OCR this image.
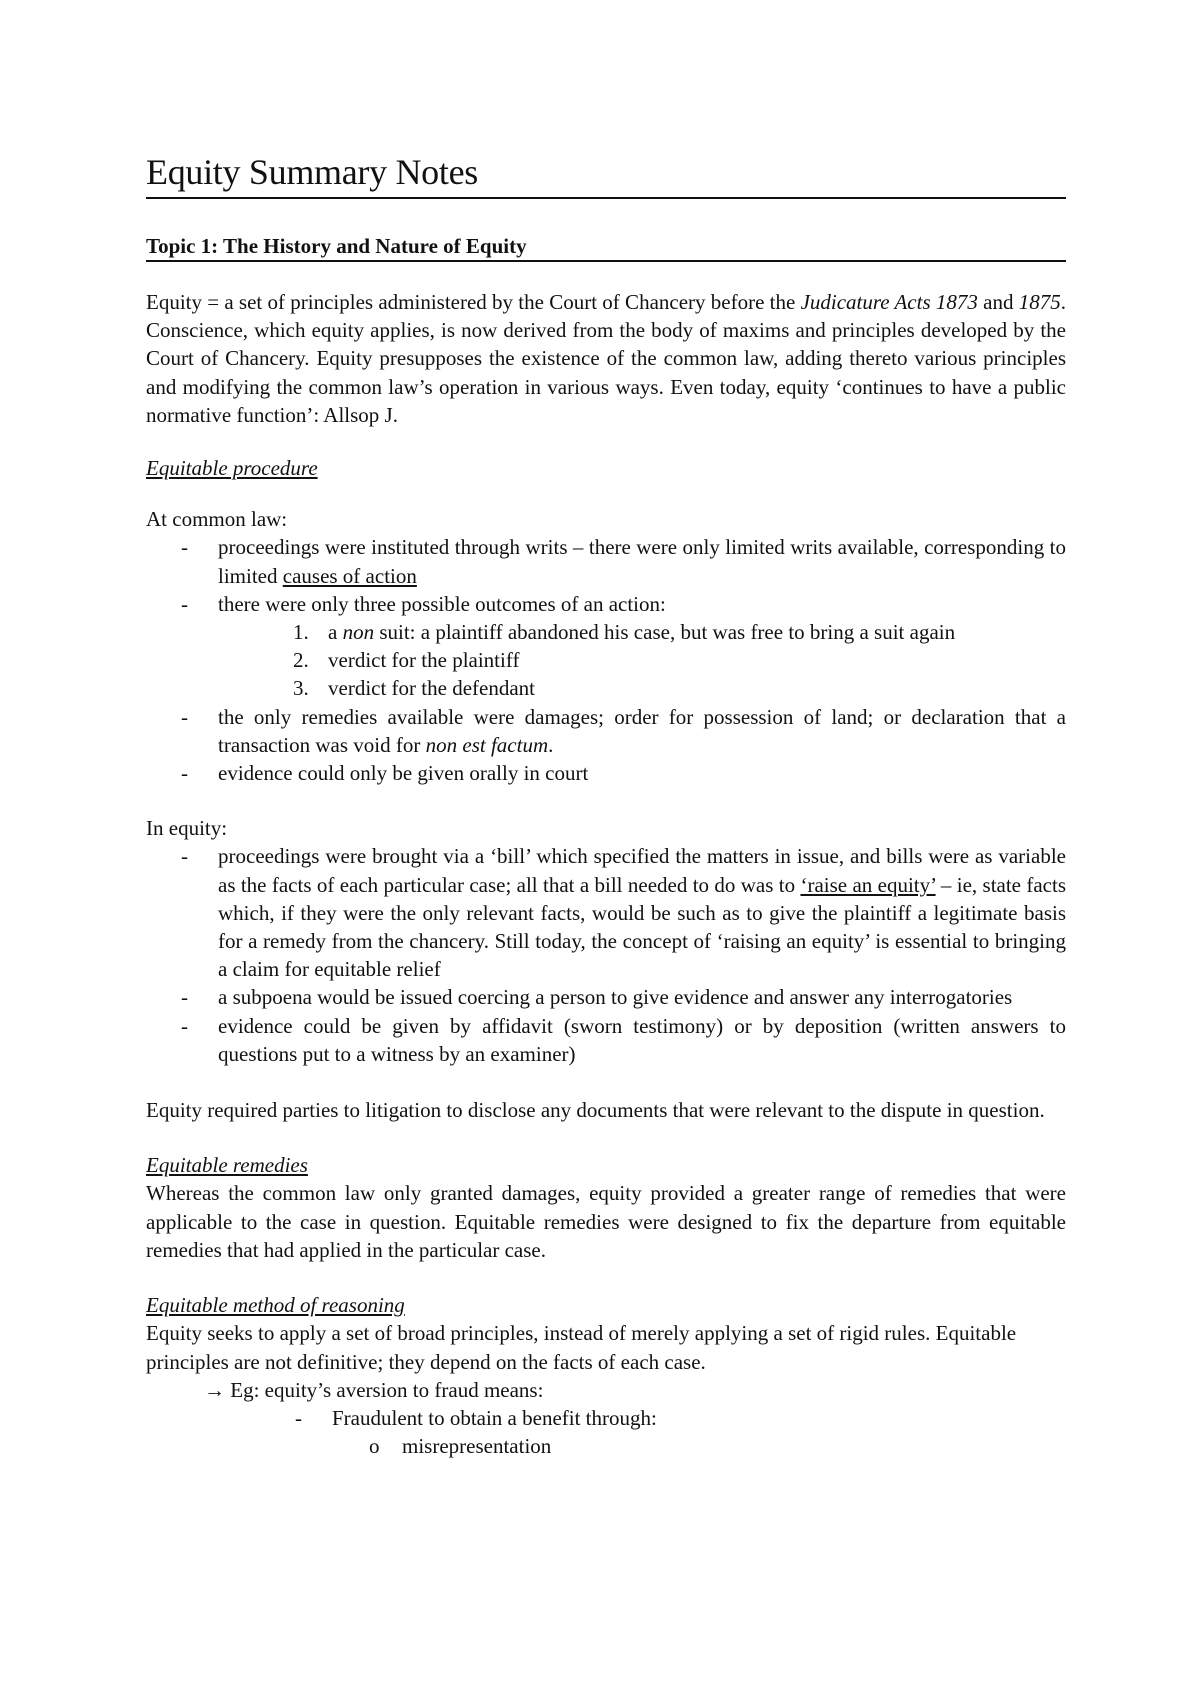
Equity Summary Notes
Topic 1: The History and Nature of Equity

Equity = a set of principles administered by the Court of Chancery before the Judicature Acts 1873 and 1875. Conscience, which equity applies, is now derived from the body of maxims and principles developed by the Court of Chancery. Equity presupposes the existence of the common law, adding thereto various principles and modifying the common law’s operation in various ways. Even today, equity ‘continues to have a public normative function’: Allsop J.

Equitable procedure

At common law:

- proceedings were instituted through writs – there were only limited writs available, corresponding to limited causes of action
- there were only three possible outcomes of an action:
1. a non suit: a plaintiff abandoned his case, but was free to bring a suit again
2. verdict for the plaintiff
3. verdict for the defendant
- the only remedies available were damages; order for possession of land; or declaration that a transaction was void for non est factum.
- evidence could only be given orally in court

In equity:

- proceedings were brought via a ‘bill’ which specified the matters in issue, and bills were as variable as the facts of each particular case; all that a bill needed to do was to ‘raise an equity’ – ie, state facts which, if they were the only relevant facts, would be such as to give the plaintiff a legitimate basis for a remedy from the chancery. Still today, the concept of ‘raising an equity’ is essential to bringing a claim for equitable relief
- a subpoena would be issued coercing a person to give evidence and answer any interrogatories
- evidence could be given by affidavit (sworn testimony) or by deposition (written answers to questions put to a witness by an examiner)

Equity required parties to litigation to disclose any documents that were relevant to the dispute in question.

Equitable remedies

Whereas the common law only granted damages, equity provided a greater range of remedies that were applicable to the case in question. Equitable remedies were designed to fix the departure from equitable remedies that had applied in the particular case.

Equitable method of reasoning

Equity seeks to apply a set of broad principles, instead of merely applying a set of rigid rules. Equitable principles are not definitive; they depend on the facts of each case.

→ Eg: equity’s aversion to fraud means:

- Fraudulent to obtain a benefit through:
o misrepresentation
